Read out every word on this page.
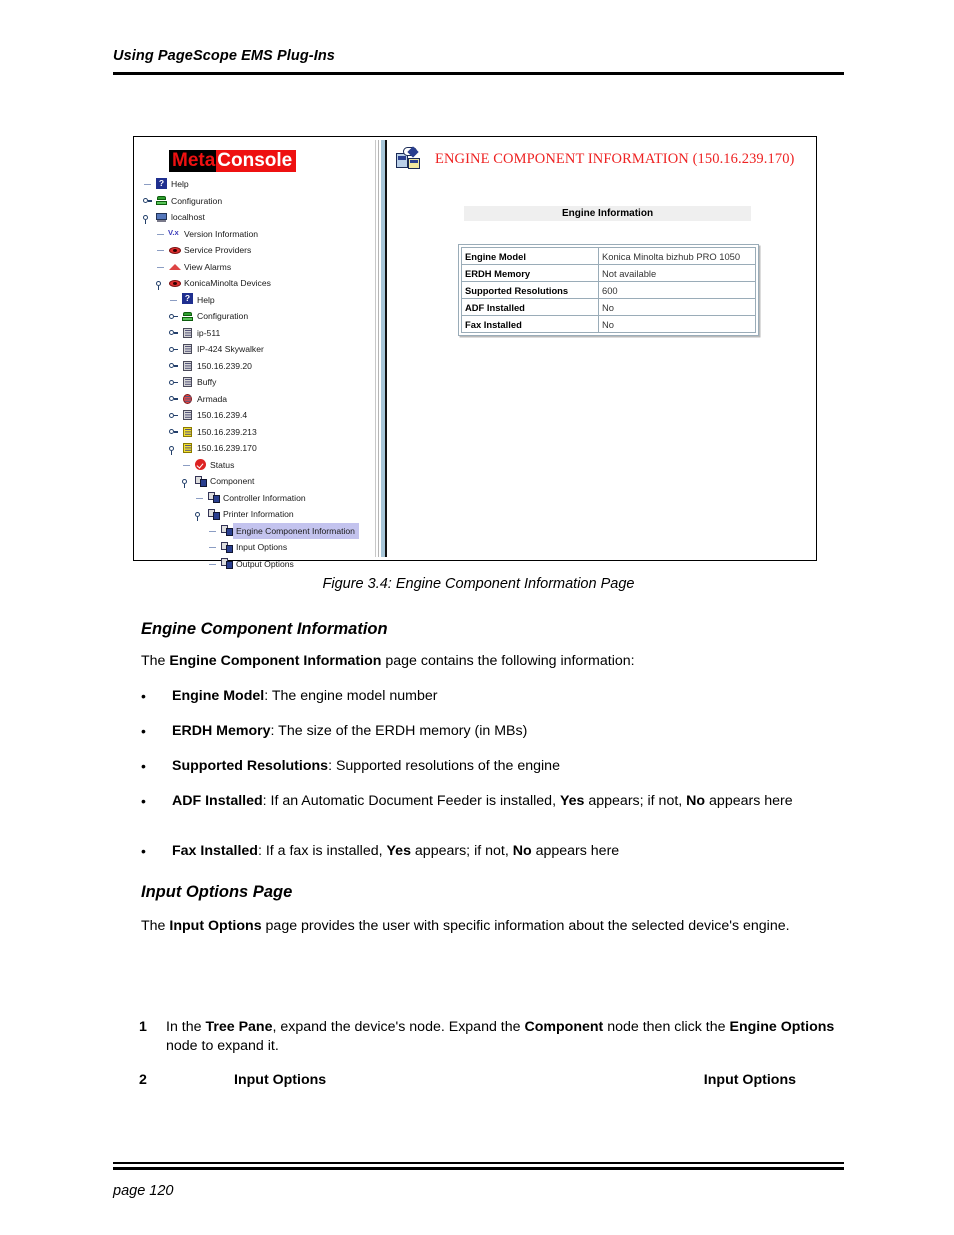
Using PageScope EMS Plug-Ins
Meta Console
?
Help
Configuration
localhost
V.x
Version Information
Service Providers
View Alarms
KonicaMinolta Devices
?
Help
Configuration
ip-511
IP-424 Skywalker
150.16.239.20
Buffy
Armada
150.16.239.4
150.16.239.213
150.16.239.170
Status
Component
Controller Information
Printer Information
Engine Component Information
Input Options
Output Options
ENGINE COMPONENT INFORMATION (150.16.239.170)
Engine Information
Engine Model	Konica Minolta bizhub PRO 1050
ERDH Memory	Not available
Supported Resolutions	600
ADF Installed	No
Fax Installed	No
Figure 3.4: Engine Component Information Page
Engine Component Information
The Engine Component Information page contains the following information:
• Engine Model: The engine model number
• ERDH Memory: The size of the ERDH memory (in MBs)
• Supported Resolutions: Supported resolutions of the engine
• ADF Installed: If an Automatic Document Feeder is installed, Yes appears; if not, No appears here
• Fax Installed: If a fax is installed, Yes appears; if not, No appears here
Input Options Page
The Input Options page provides the user with specific information about the selected device's engine.
1 In the Tree Pane, expand the device's node. Expand the Component node then click the Engine Options node to expand it.
2	Input Options	Input Options
page 120
